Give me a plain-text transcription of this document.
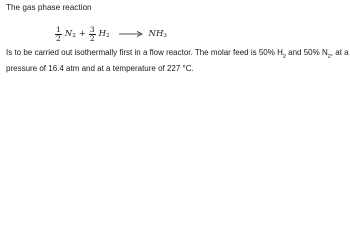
The gas phase reaction
$\frac{1}{2} N_2 + \frac{3}{2} H_2 \to NH_3$
Is to be carried out isothermally first in a flow reactor. The molar feed is 50% $H_2$ and 50% $N_2$, at a
pressure of 16.4 atm and at a temperature of 227 °C.
